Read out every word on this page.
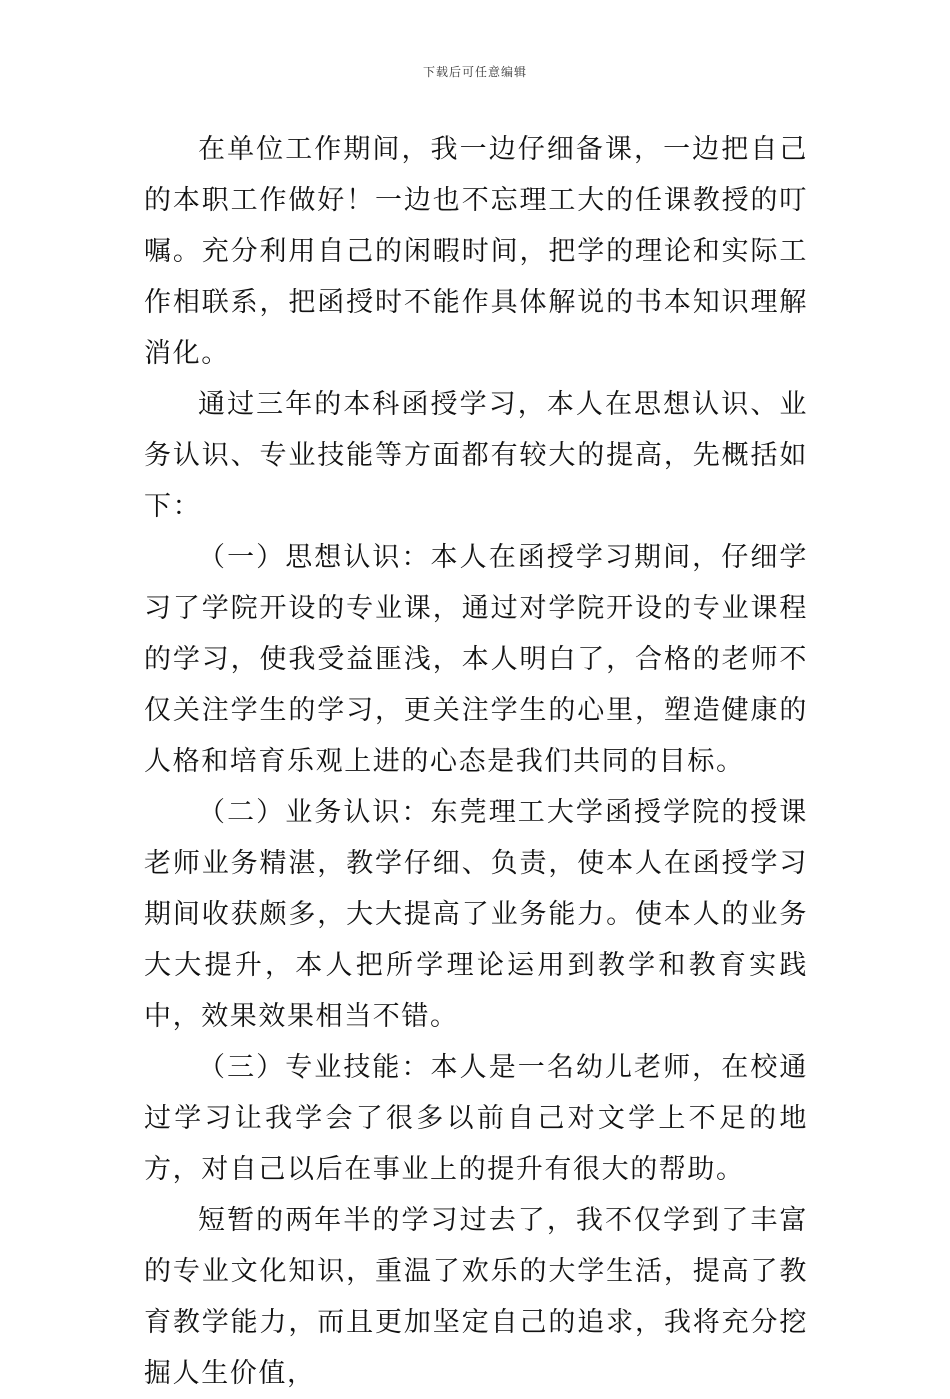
下载后可任意编辑

在单位工作期间，我一边仔细备课，一边把自己的本职工作做好！一边也不忘理工大的任课教授的叮嘱。充分利用自己的闲暇时间，把学的理论和实际工作相联系，把函授时不能作具体解说的书本知识理解消化。

通过三年的本科函授学习，本人在思想认识、业务认识、专业技能等方面都有较大的提高，先概括如下：

（一）思想认识：本人在函授学习期间，仔细学习了学院开设的专业课，通过对学院开设的专业课程的学习，使我受益匪浅，本人明白了，合格的老师不仅关注学生的学习，更关注学生的心里，塑造健康的人格和培育乐观上进的心态是我们共同的目标。

（二）业务认识：东莞理工大学函授学院的授课老师业务精湛，教学仔细、负责，使本人在函授学习期间收获颇多，大大提高了业务能力。使本人的业务大大提升，本人把所学理论运用到教学和教育实践中，效果效果相当不错。

（三）专业技能：本人是一名幼儿老师，在校通过学习让我学会了很多以前自己对文学上不足的地方，对自己以后在事业上的提升有很大的帮助。

短暂的两年半的学习过去了，我不仅学到了丰富的专业文化知识，重温了欢乐的大学生活，提高了教育教学能力，而且更加坚定自己的追求，我将充分挖掘人生价值，
